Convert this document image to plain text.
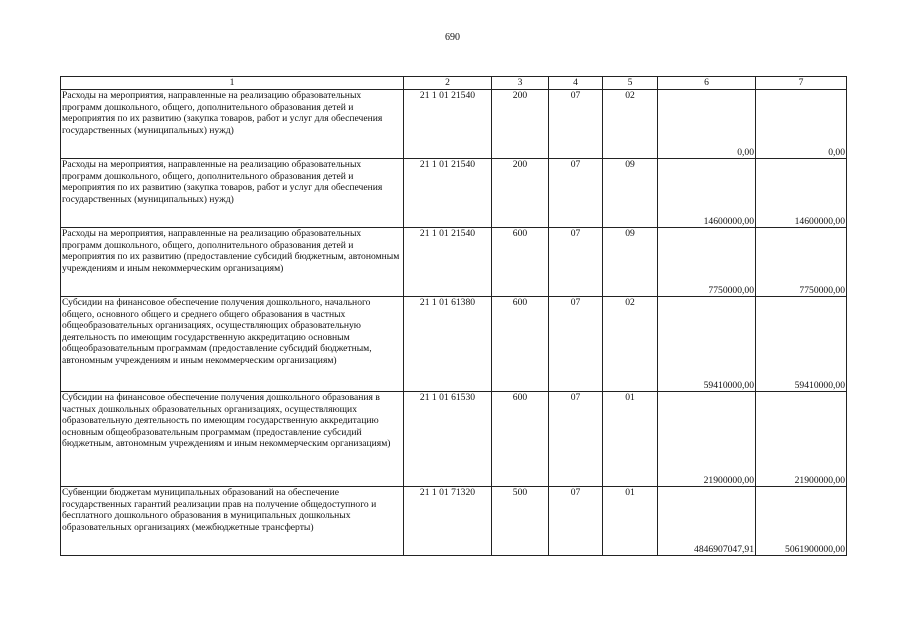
690
1	2	3	4	5	6	7
Расходы на мероприятия, направленные на реализацию образовательных программ дошкольного, общего, дополнительного образования детей и мероприятия по их развитию (закупка товаров, работ и услуг для обеспечения государственных (муниципальных) нужд)	21 1 01 21540	200	07	02	0,00	0,00
Расходы на мероприятия, направленные на реализацию образовательных программ дошкольного, общего, дополнительного образования детей и мероприятия по их развитию (закупка товаров, работ и услуг для обеспечения государственных (муниципальных) нужд)	21 1 01 21540	200	07	09	14600000,00	14600000,00
Расходы на мероприятия, направленные на реализацию образовательных программ дошкольного, общего, дополнительного образования детей и мероприятия по их развитию (предоставление субсидий бюджетным, автономным учреждениям и иным некоммерческим организациям)	21 1 01 21540	600	07	09	7750000,00	7750000,00
Субсидии на финансовое обеспечение получения дошкольного, начального общего, основного общего и среднего общего образования в частных общеобразовательных организациях, осуществляющих образовательную деятельность по имеющим государственную аккредитацию основным общеобразовательным программам (предоставление субсидий бюджетным, автономным учреждениям и иным некоммерческим организациям)	21 1 01 61380	600	07	02	59410000,00	59410000,00
Субсидии на финансовое обеспечение получения дошкольного образования в частных дошкольных образовательных организациях, осуществляющих образовательную деятельность по имеющим государственную аккредитацию основным общеобразовательным программам (предоставление субсидий бюджетным, автономным учреждениям и иным некоммерческим организациям)	21 1 01 61530	600	07	01	21900000,00	21900000,00
Субвенции бюджетам муниципальных образований на обеспечение государственных гарантий реализации прав на получение общедоступного и бесплатного дошкольного образования в муниципальных дошкольных образовательных организациях (межбюджетные трансферты)	21 1 01 71320	500	07	01	4846907047,91	5061900000,00
